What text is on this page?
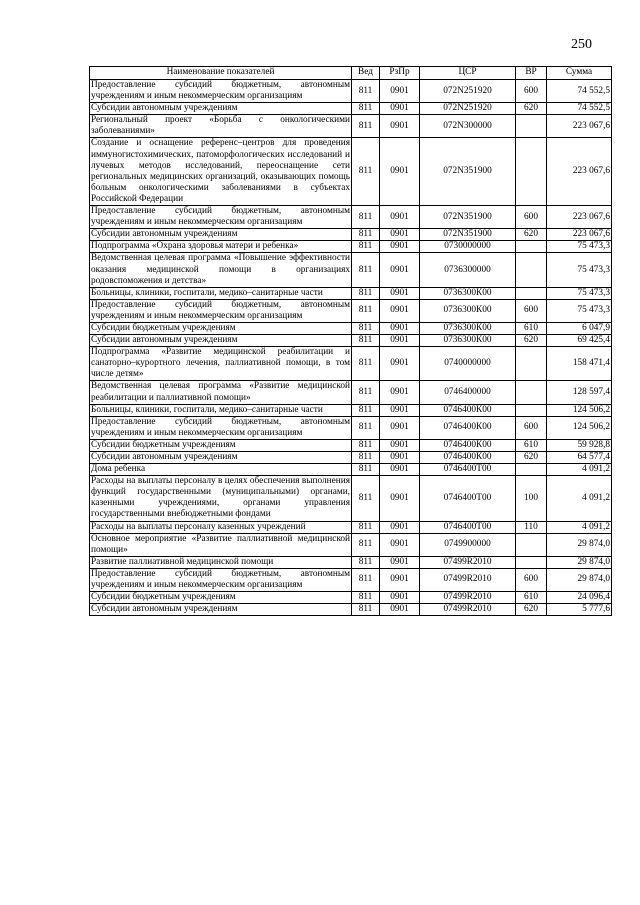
250
Наименование показателей	Вед	РзПр	ЦСР	ВР	Сумма
Предоставление субсидий бюджетным, автономным учреждениям и иным некоммерческим организациям	811	0901	072N251920	600	74 552,5
Субсидии автономным учреждениям	811	0901	072N251920	620	74 552,5
Региональный проект «Борьба с онкологическими заболеваниями»	811	0901	072N300000		223 067,6
Создание и оснащение референс–центров для проведения иммуногистохимических, патоморфологических исследований и лучевых методов исследований, переоснащение сети региональных медицинских организаций, оказывающих помощь больным онкологическими заболеваниями в субъектах Российской Федерации	811	0901	072N351900		223 067,6
Предоставление субсидий бюджетным, автономным учреждениям и иным некоммерческим организациям	811	0901	072N351900	600	223 067,6
Субсидии автономным учреждениям	811	0901	072N351900	620	223 067,6
Подпрограмма «Охрана здоровья матери и ребенка»	811	0901	0730000000		75 473,3
Ведомственная целевая программа «Повышение эффективности оказания медицинской помощи в организациях родовспоможения и детства»	811	0901	0736300000		75 473,3
Больницы, клиники, госпитали, медико–санитарные части	811	0901	0736300К00		75 473,3
Предоставление субсидий бюджетным, автономным учреждениям и иным некоммерческим организациям	811	0901	0736300К00	600	75 473,3
Субсидии бюджетным учреждениям	811	0901	0736300К00	610	6 047,9
Субсидии автономным учреждениям	811	0901	0736300К00	620	69 425,4
Подпрограмма «Развитие медицинской реабилитации и санаторно–курортного лечения, паллиативной помощи, в том числе детям»	811	0901	0740000000		158 471,4
Ведомственная целевая программа «Развитие медицинской реабилитации и паллиативной помощи»	811	0901	0746400000		128 597,4
Больницы, клиники, госпитали, медико–санитарные части	811	0901	0746400К00		124 506,2
Предоставление субсидий бюджетным, автономным учреждениям и иным некоммерческим организациям	811	0901	0746400К00	600	124 506,2
Субсидии бюджетным учреждениям	811	0901	0746400К00	610	59 928,8
Субсидии автономным учреждениям	811	0901	0746400К00	620	64 577,4
Дома ребенка	811	0901	0746400Т00		4 091,2
Расходы на выплаты персоналу в целях обеспечения выполнения функций государственными (муниципальными) органами, казенными учреждениями, органами управления государственными внебюджетными фондами	811	0901	0746400Т00	100	4 091,2
Расходы на выплаты персоналу казенных учреждений	811	0901	0746400Т00	110	4 091,2
Основное мероприятие «Развитие паллиативной медицинской помощи»	811	0901	0749900000		29 874,0
Развитие паллиативной медицинской помощи	811	0901	07499R2010		29 874,0
Предоставление субсидий бюджетным, автономным учреждениям и иным некоммерческим организациям	811	0901	07499R2010	600	29 874,0
Субсидии бюджетным учреждениям	811	0901	07499R2010	610	24 096,4
Субсидии автономным учреждениям	811	0901	07499R2010	620	5 777,6
